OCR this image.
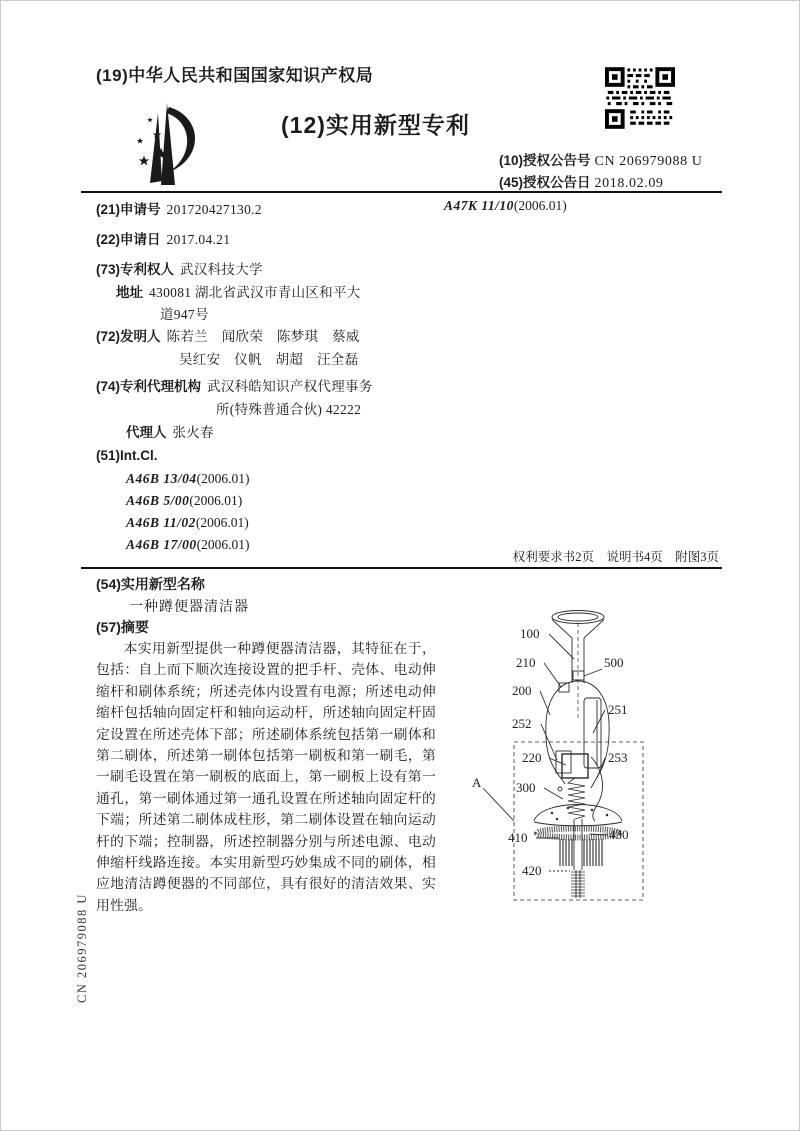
(19)中华人民共和国国家知识产权局
(12)实用新型专利
(10)授权公告号 CN 206979088 U
(45)授权公告日 2018.02.09
(21)申请号 201720427130.2	A47K 11/10(2006.01)
(22)申请日 2017.04.21
(73)专利权人 武汉科技大学
地址 430081 湖北省武汉市青山区和平大
道947号
(72)发明人 陈若兰　闻欣荣　陈梦琪　蔡威
吴红安　仪帆　胡超　汪全磊
(74)专利代理机构 武汉科皓知识产权代理事务
所(特殊普通合伙) 42222
代理人 张火春
(51)Int.Cl.
A46B 13/04(2006.01)
A46B 5/00(2006.01)
A46B 11/02(2006.01)
A46B 17/00(2006.01)
权利要求书2页　说明书4页　附图3页
(54)实用新型名称
一种蹲便器清洁器
(57)摘要
本实用新型提供一种蹲便器清洁器，其特征在于，包括：自上而下顺次连接设置的把手杆、壳体、电动伸缩杆和刷体系统；所述壳体内设置有电源；所述电动伸缩杆包括轴向固定杆和轴向运动杆，所述轴向固定杆固定设置在所述壳体下部；所述刷体系统包括第一刷体和第二刷体，所述第一刷体包括第一刷板和第一刷毛，第一刷毛设置在第一刷板的底面上，第一刷板上设有第一通孔，第一刷体通过第一通孔设置在所述轴向固定杆的下端；所述第二刷体成柱形，第二刷体设置在轴向运动杆的下端；控制器，所述控制器分别与所述电源、电动伸缩杆线路连接。本实用新型巧妙集成不同的刷体，相应地清洁蹲便器的不同部位，具有很好的清洁效果、实用性强。
100
210	500
200
252
251
220	253
300
A
410	430
420
CN 206979088 U
